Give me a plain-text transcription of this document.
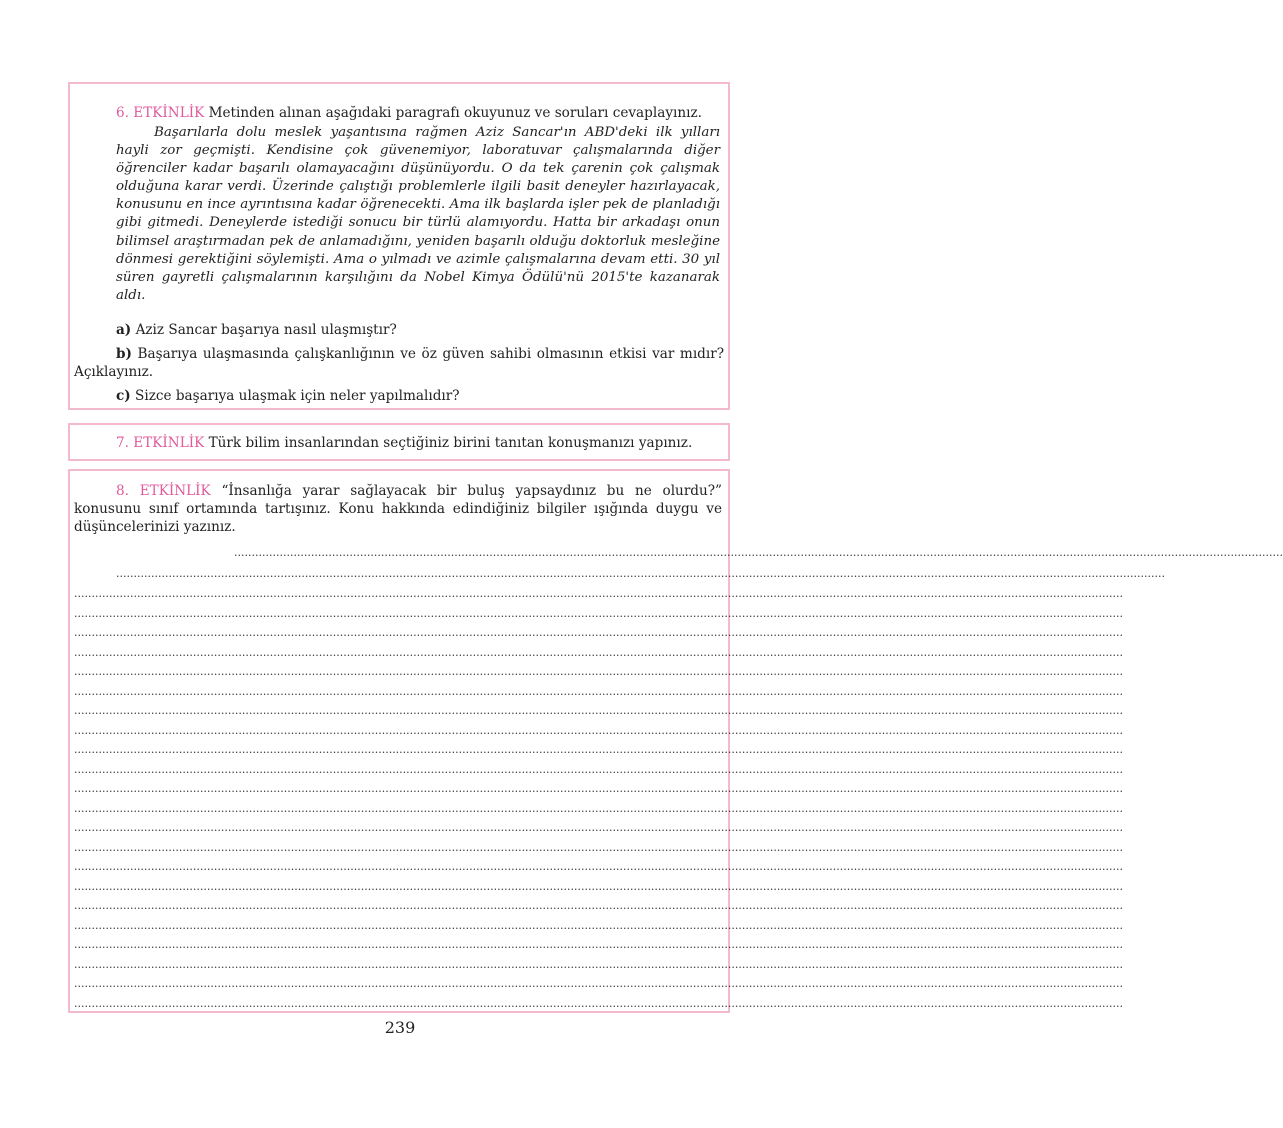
6. ETKİNLİK Metinden alınan aşağıdaki paragrafı okuyunuz ve soruları cevaplayınız.
Başarılarla dolu meslek yaşantısına rağmen Aziz Sancar'ın ABD'deki ilk yılları hayli zor geçmişti. Kendisine çok güvenemiyor, laboratuvar çalışmalarında diğer öğrenciler kadar başarılı olamayacağını düşünüyordu. O da tek çarenin çok çalışmak olduğuna karar verdi. Üzerinde çalıştığı problemlerle ilgili basit deneyler hazırlayacak, konusunu en ince ayrıntısına kadar öğrenecekti. Ama ilk başlarda işler pek de planladığı gibi gitmedi. Deneylerde istediği sonucu bir türlü alamıyordu. Hatta bir arkadaşı onun bilimsel araştırmadan pek de anlamadığını, yeniden başarılı olduğu doktorluk mesleğine dönmesi gerektiğini söylemişti. Ama o yılmadı ve azimle çalışmalarına devam etti. 30 yıl süren gayretli çalışmalarının karşılığını da Nobel Kimya Ödülü'nü 2015'te kazanarak aldı.
a) Aziz Sancar başarıya nasıl ulaşmıştır?
b) Başarıya ulaşmasında çalışkanlığının ve öz güven sahibi olmasının etkisi var mıdır? Açıklayınız.
c) Sizce başarıya ulaşmak için neler yapılmalıdır?
7. ETKİNLİK Türk bilim insanlarından seçtiğiniz birini tanıtan konuşmanızı yapınız.
8. ETKİNLİK “İnsanlığa yarar sağlayacak bir buluş yapsaydınız bu ne olurdu?” konusunu sınıf ortamında tartışınız. Konu hakkında edindiğiniz bilgiler ışığında duygu ve düşüncelerinizi yazınız.
............................................................................................................................................................................................................................................................................................................
............................................................................................................................................................................................................................................................................................................
............................................................................................................................................................................................................................................................................................................
............................................................................................................................................................................................................................................................................................................
............................................................................................................................................................................................................................................................................................................
............................................................................................................................................................................................................................................................................................................
............................................................................................................................................................................................................................................................................................................
............................................................................................................................................................................................................................................................................................................
............................................................................................................................................................................................................................................................................................................
............................................................................................................................................................................................................................................................................................................
............................................................................................................................................................................................................................................................................................................
............................................................................................................................................................................................................................................................................................................
............................................................................................................................................................................................................................................................................................................
............................................................................................................................................................................................................................................................................................................
............................................................................................................................................................................................................................................................................................................
............................................................................................................................................................................................................................................................................................................
............................................................................................................................................................................................................................................................................................................
............................................................................................................................................................................................................................................................................................................
............................................................................................................................................................................................................................................................................................................
............................................................................................................................................................................................................................................................................................................
............................................................................................................................................................................................................................................................................................................
............................................................................................................................................................................................................................................................................................................
............................................................................................................................................................................................................................................................................................................
............................................................................................................................................................................................................................................................................................................
239
